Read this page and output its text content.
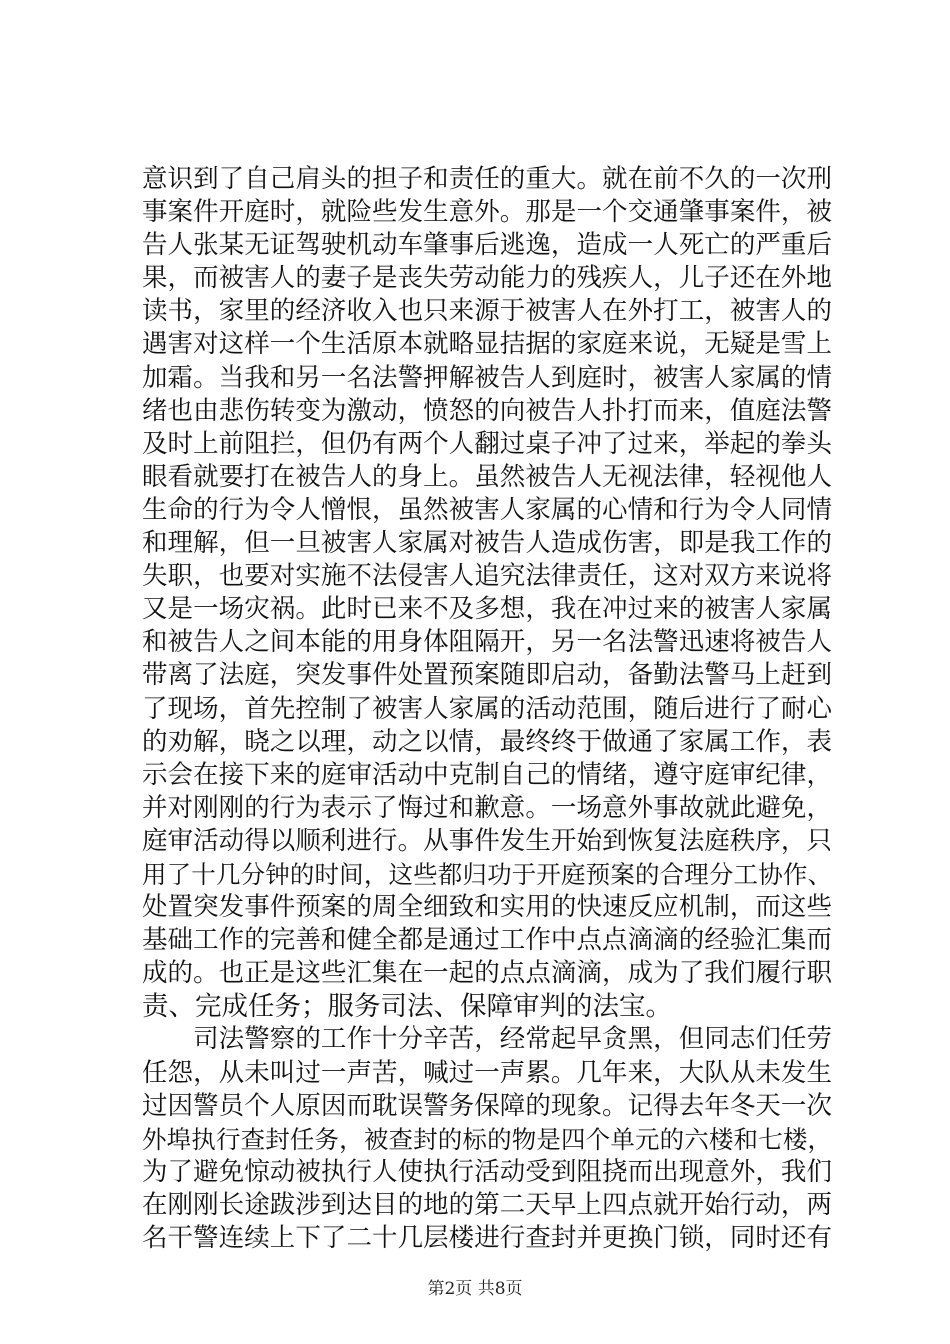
意识到了自己肩头的担子和责任的重大。就在前不久的一次刑
事案件开庭时，就险些发生意外。那是一个交通肇事案件，被
告人张某无证驾驶机动车肇事后逃逸，造成一人死亡的严重后
果，而被害人的妻子是丧失劳动能力的残疾人，儿子还在外地
读书，家里的经济收入也只来源于被害人在外打工，被害人的
遇害对这样一个生活原本就略显拮据的家庭来说，无疑是雪上
加霜。当我和另一名法警押解被告人到庭时，被害人家属的情
绪也由悲伤转变为激动，愤怒的向被告人扑打而来，值庭法警
及时上前阻拦，但仍有两个人翻过桌子冲了过来，举起的拳头
眼看就要打在被告人的身上。虽然被告人无视法律，轻视他人
生命的行为令人憎恨，虽然被害人家属的心情和行为令人同情
和理解，但一旦被害人家属对被告人造成伤害，即是我工作的
失职，也要对实施不法侵害人追究法律责任，这对双方来说将
又是一场灾祸。此时已来不及多想，我在冲过来的被害人家属
和被告人之间本能的用身体阻隔开，另一名法警迅速将被告人
带离了法庭，突发事件处置预案随即启动，备勤法警马上赶到
了现场，首先控制了被害人家属的活动范围，随后进行了耐心
的劝解，晓之以理，动之以情，最终终于做通了家属工作，表
示会在接下来的庭审活动中克制自己的情绪，遵守庭审纪律，
并对刚刚的行为表示了悔过和歉意。一场意外事故就此避免，
庭审活动得以顺利进行。从事件发生开始到恢复法庭秩序，只
用了十几分钟的时间，这些都归功于开庭预案的合理分工协作、
处置突发事件预案的周全细致和实用的快速反应机制，而这些
基础工作的完善和健全都是通过工作中点点滴滴的经验汇集而
成的。也正是这些汇集在一起的点点滴滴，成为了我们履行职
责、完成任务；服务司法、保障审判的法宝。
　　司法警察的工作十分辛苦，经常起早贪黑，但同志们任劳
任怨，从未叫过一声苦，喊过一声累。几年来，大队从未发生
过因警员个人原因而耽误警务保障的现象。记得去年冬天一次
外埠执行查封任务，被查封的标的物是四个单元的六楼和七楼，
为了避免惊动被执行人使执行活动受到阻挠而出现意外，我们
在刚刚长途跋涉到达目的地的第二天早上四点就开始行动，两
名干警连续上下了二十几层楼进行查封并更换门锁，同时还有
第2页 共8页
